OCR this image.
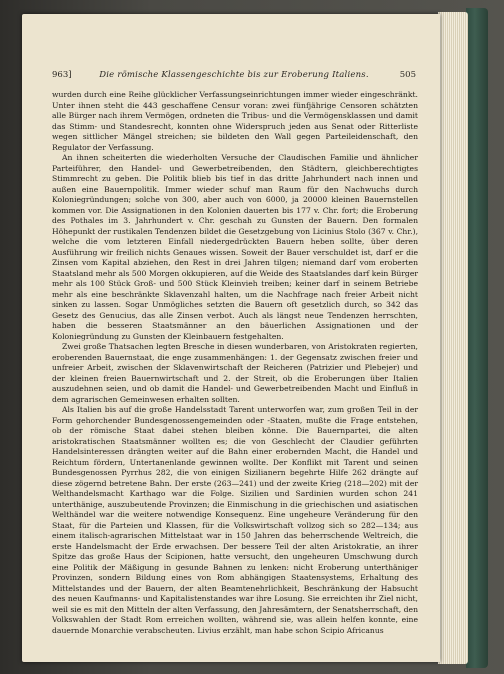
963]	Die römische Klassengeschichte bis zur Eroberung Italiens.	505

wurden durch eine Reihe glücklicher Verfassungseinrichtungen immer wieder eingeschränkt. Unter ihnen steht die 443 geschaffene Censur voran: zwei fünfjährige Censoren schätzten alle Bürger nach ihrem Vermögen, ordneten die Tribus- und die Vermögensklassen und damit das Stimm- und Standesrecht, konnten ohne Widerspruch jeden aus Senat oder Ritterliste wegen sittlicher Mängel streichen; sie bildeten den Wall gegen Parteileidenschaft, den Regulator der Verfassung.

An ihnen scheiterten die wiederholten Versuche der Claudischen Familie und ähnlicher Parteiführer, den Handel- und Gewerbetreibenden, den Städtern, gleichberechtigtes Stimmrecht zu geben. Die Politik blieb bis tief in das dritte Jahrhundert nach innen und außen eine Bauernpolitik. Immer wieder schuf man Raum für den Nachwuchs durch Koloniegründungen; solche von 300, aber auch von 6000, ja 20000 kleinen Bauernstellen kommen vor. Die Assignationen in den Kolonien dauerten bis 177 v. Chr. fort; die Eroberung des Pothales im 3. Jahrhundert v. Chr. geschah zu Gunsten der Bauern. Den formalen Höhepunkt der rustikalen Tendenzen bildet die Gesetzgebung von Licinius Stolo (367 v. Chr.), welche die vom letzteren Einfall niedergedrückten Bauern heben sollte, über deren Ausführung wir freilich nichts Genaues wissen. Soweit der Bauer verschuldet ist, darf er die Zinsen vom Kapital abziehen, den Rest in drei Jahren tilgen; niemand darf vom eroberten Staatsland mehr als 500 Morgen okkupieren, auf die Weide des Staatslandes darf kein Bürger mehr als 100 Stück Groß- und 500 Stück Kleinvieh treiben; keiner darf in seinem Betriebe mehr als eine beschränkte Sklavenzahl halten, um die Nachfrage nach freier Arbeit nicht sinken zu lassen. Sogar Unmögliches setzten die Bauern oft gesetzlich durch, so 342 das Gesetz des Genucius, das alle Zinsen verbot. Auch als längst neue Tendenzen herrschten, haben die besseren Staatsmänner an den bäuerlichen Assignationen und der Koloniegründung zu Gunsten der Kleinbauern festgehalten.

Zwei große Thatsachen legten Bresche in diesen wunderbaren, von Aristokraten regierten, eroberenden Bauernstaat, die enge zusammenhängen: 1. der Gegensatz zwischen freier und unfreier Arbeit, zwischen der Sklavenwirtschaft der Reicheren (Patrizier und Plebejer) und der kleinen freien Bauernwirtschaft und 2. der Streit, ob die Eroberungen über Italien auszudehnen seien, und ob damit die Handel- und Gewerbetreibenden Macht und Einfluß in dem agrarischen Gemeinwesen erhalten sollten.

Als Italien bis auf die große Handelsstadt Tarent unterworfen war, zum großen Teil in der Form gehorchender Bundesgenossengemeinden oder -Staaten, mußte die Frage entstehen, ob der römische Staat dabei stehen bleiben könne. Die Bauernpartei, die alten aristokratischen Staatsmänner wollten es; die von Geschlecht der Claudier geführten Handelsinteressen drängten weiter auf die Bahn einer erobernden Macht, die Handel und Reichtum fördern, Untertanenlande gewinnen wollte. Der Konflikt mit Tarent und seinen Bundesgenossen Pyrrhus 282, die von einigen Sizilianern begehrte Hilfe 262 drängte auf diese zögernd betretene Bahn. Der erste (263—241) und der zweite Krieg (218—202) mit der Welthandelsmacht Karthago war die Folge. Sizilien und Sardinien wurden schon 241 unterthänige, auszubeutende Provinzen; die Einmischung in die griechischen und asiatischen Welthändel war die weitere notwendige Konsequenz. Eine ungeheure Veränderung für den Staat, für die Parteien und Klassen, für die Volkswirtschaft vollzog sich so 282—134; aus einem italisch-agrarischen Mittelstaat war in 150 Jahren das beherrschende Weltreich, die erste Handelsmacht der Erde erwachsen. Der bessere Teil der alten Aristokratie, an ihrer Spitze das große Haus der Scipionen, hatte versucht, den ungeheuren Umschwung durch eine Politik der Mäßigung in gesunde Bahnen zu lenken: nicht Eroberung unterthäniger Provinzen, sondern Bildung eines von Rom abhängigen Staatensystems, Erhaltung des Mittelstandes und der Bauern, der alten Beamtenehrlichkeit, Beschränkung der Habsucht des neuen Kaufmanns- und Kapitalistenstandes war ihre Losung. Sie erreichten ihr Ziel nicht, weil sie es mit den Mitteln der alten Verfassung, den Jahresämtern, der Senatsherrschaft, den Volkswahlen der Stadt Rom erreichen wollten, während sie, was allein helfen konnte, eine dauernde Monarchie verabscheuten. Livius erzählt, man habe schon Scipio Africanus
